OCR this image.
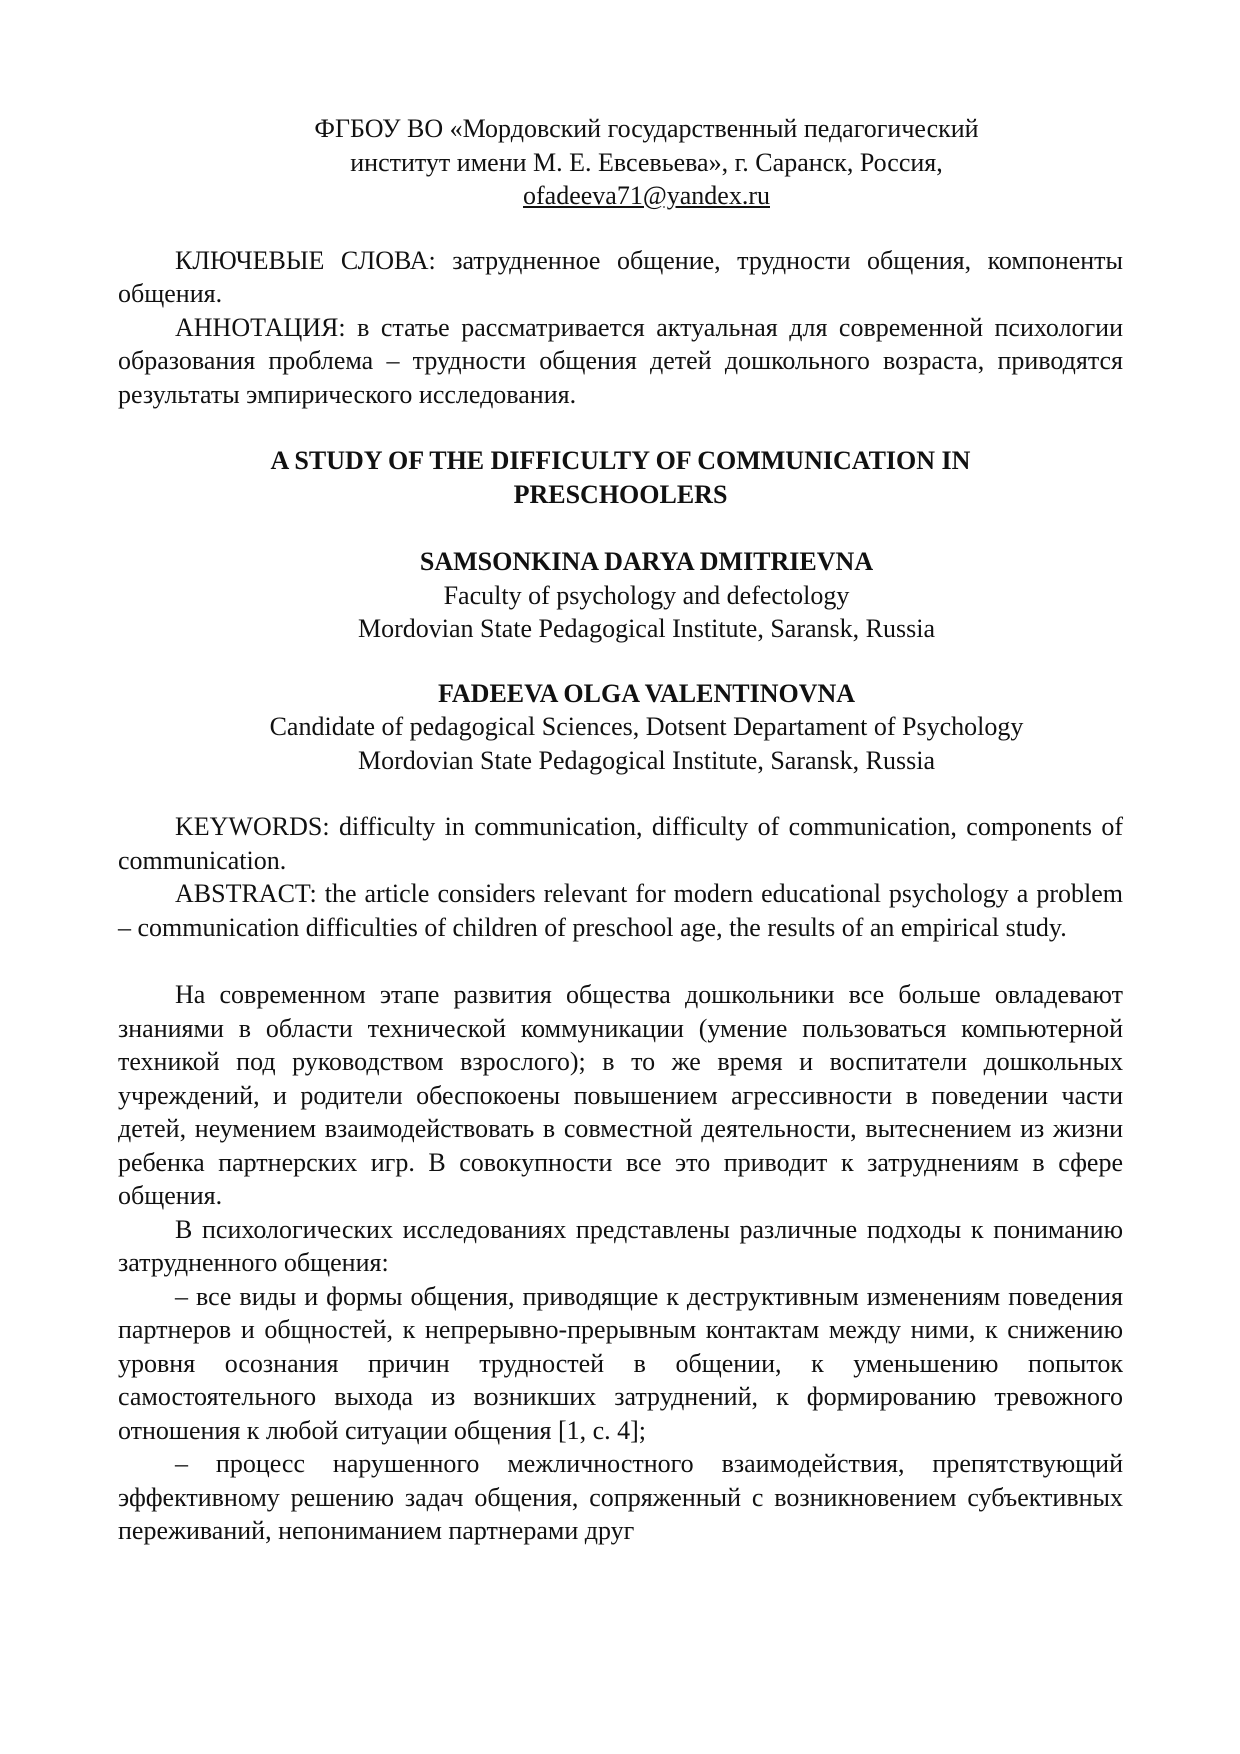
ФГБОУ ВО «Мордовский государственный педагогический
институт имени М. Е. Евсевьева», г. Саранск, Россия,
ofadeeva71@yandex.ru

КЛЮЧЕВЫЕ СЛОВА: затрудненное общение, трудности общения, компоненты общения.

АННОТАЦИЯ: в статье рассматривается актуальная для современной психологии образования проблема – трудности общения детей дошкольного возраста, приводятся результаты эмпирического исследования.

A STUDY OF THE DIFFICULTY OF COMMUNICATION IN
PRESCHOOLERS
SAMSONKINA DARYA DMITRIEVNA
Faculty of psychology and defectology
Mordovian State Pedagogical Institute, Saransk, Russia
FADEEVA OLGA VALENTINOVNA
Candidate of pedagogical Sciences, Dotsent Departament of Psychology
Mordovian State Pedagogical Institute, Saransk, Russia

KEYWORDS: difficulty in communication, difficulty of communication, components of communication.

ABSTRACT: the article considers relevant for modern educational psychology a problem – communication difficulties of children of preschool age, the results of an empirical study.

На современном этапе развития общества дошкольники все больше овладевают знаниями в области технической коммуникации (умение пользоваться компьютерной техникой под руководством взрослого); в то же время и воспитатели дошкольных учреждений, и родители обеспокоены повышением агрессивности в поведении части детей, неумением взаимодействовать в совместной деятельности, вытеснением из жизни ребенка партнерских игр. В совокупности все это приводит к затруднениям в сфере общения.

В психологических исследованиях представлены различные подходы к пониманию затрудненного общения:

– все виды и формы общения, приводящие к деструктивным изменениям поведения партнеров и общностей, к непрерывно-прерывным контактам между ними, к снижению уровня осознания причин трудностей в общении, к уменьшению попыток самостоятельного выхода из возникших затруднений, к формированию тревожного отношения к любой ситуации общения [1, с. 4];

– процесс нарушенного межличностного взаимодействия, препятствующий эффективному решению задач общения, сопряженный с возникновением субъективных переживаний, непониманием партнерами друг
